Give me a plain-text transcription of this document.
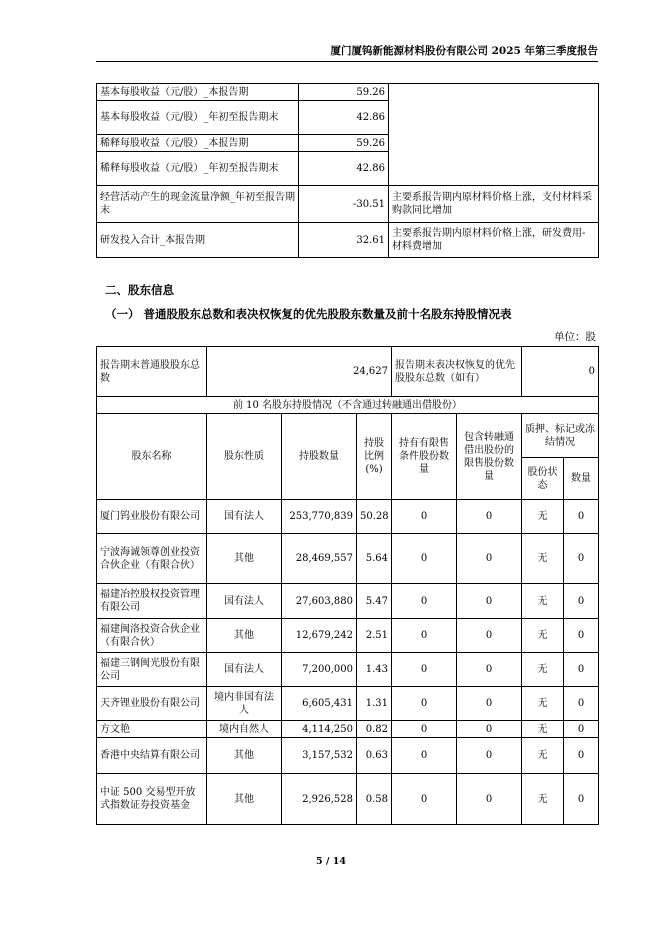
厦门厦钨新能源材料股份有限公司 2025 年第三季度报告
基本每股收益（元/股）_本报告期	59.26	
基本每股收益（元/股）_年初至报告期末	42.86	
稀释每股收益（元/股）_本报告期	59.26	
稀释每股收益（元/股）_年初至报告期末	42.86	
经营活动产生的现金流量净额_年初至报告期末	-30.51	主要系报告期内原材料价格上涨，支付材料采购款同比增加
研发投入合计_本报告期	32.61	主要系报告期内原材料价格上涨，研发费用-材料费增加
二、股东信息
（一） 普通股股东总数和表决权恢复的优先股股东数量及前十名股东持股情况表
单位：股
报告期末普通股股东总数	24,627			报告期末表决权恢复的优先股股东总数（如有）		0	
前 10 名股东持股情况（不含通过转融通出借股份）							
股东名称	股东性质	持股数量	持股比例(%)	持有有限售条件股份数量	包含转融通借出股份的限售股份数量	质押、标记或冻结情况	
						股份状态	数量
厦门钨业股份有限公司	国有法人	253,770,839	50.28	0	0	无	0
宁波海诚领尊创业投资合伙企业（有限合伙）	其他	28,469,557	5.64	0	0	无	0
福建冶控股权投资管理有限公司	国有法人	27,603,880	5.47	0	0	无	0
福建闽洛投资合伙企业（有限合伙）	其他	12,679,242	2.51	0	0	无	0
福建三钢闽光股份有限公司	国有法人	7,200,000	1.43	0	0	无	0
天齐锂业股份有限公司	境内非国有法人	6,605,431	1.31	0	0	无	0
方文艳	境内自然人	4,114,250	0.82	0	0	无	0
香港中央结算有限公司	其他	3,157,532	0.63	0	0	无	0
中证 500 交易型开放式指数证券投资基金	其他	2,926,528	0.58	0	0	无	0
5 / 14
